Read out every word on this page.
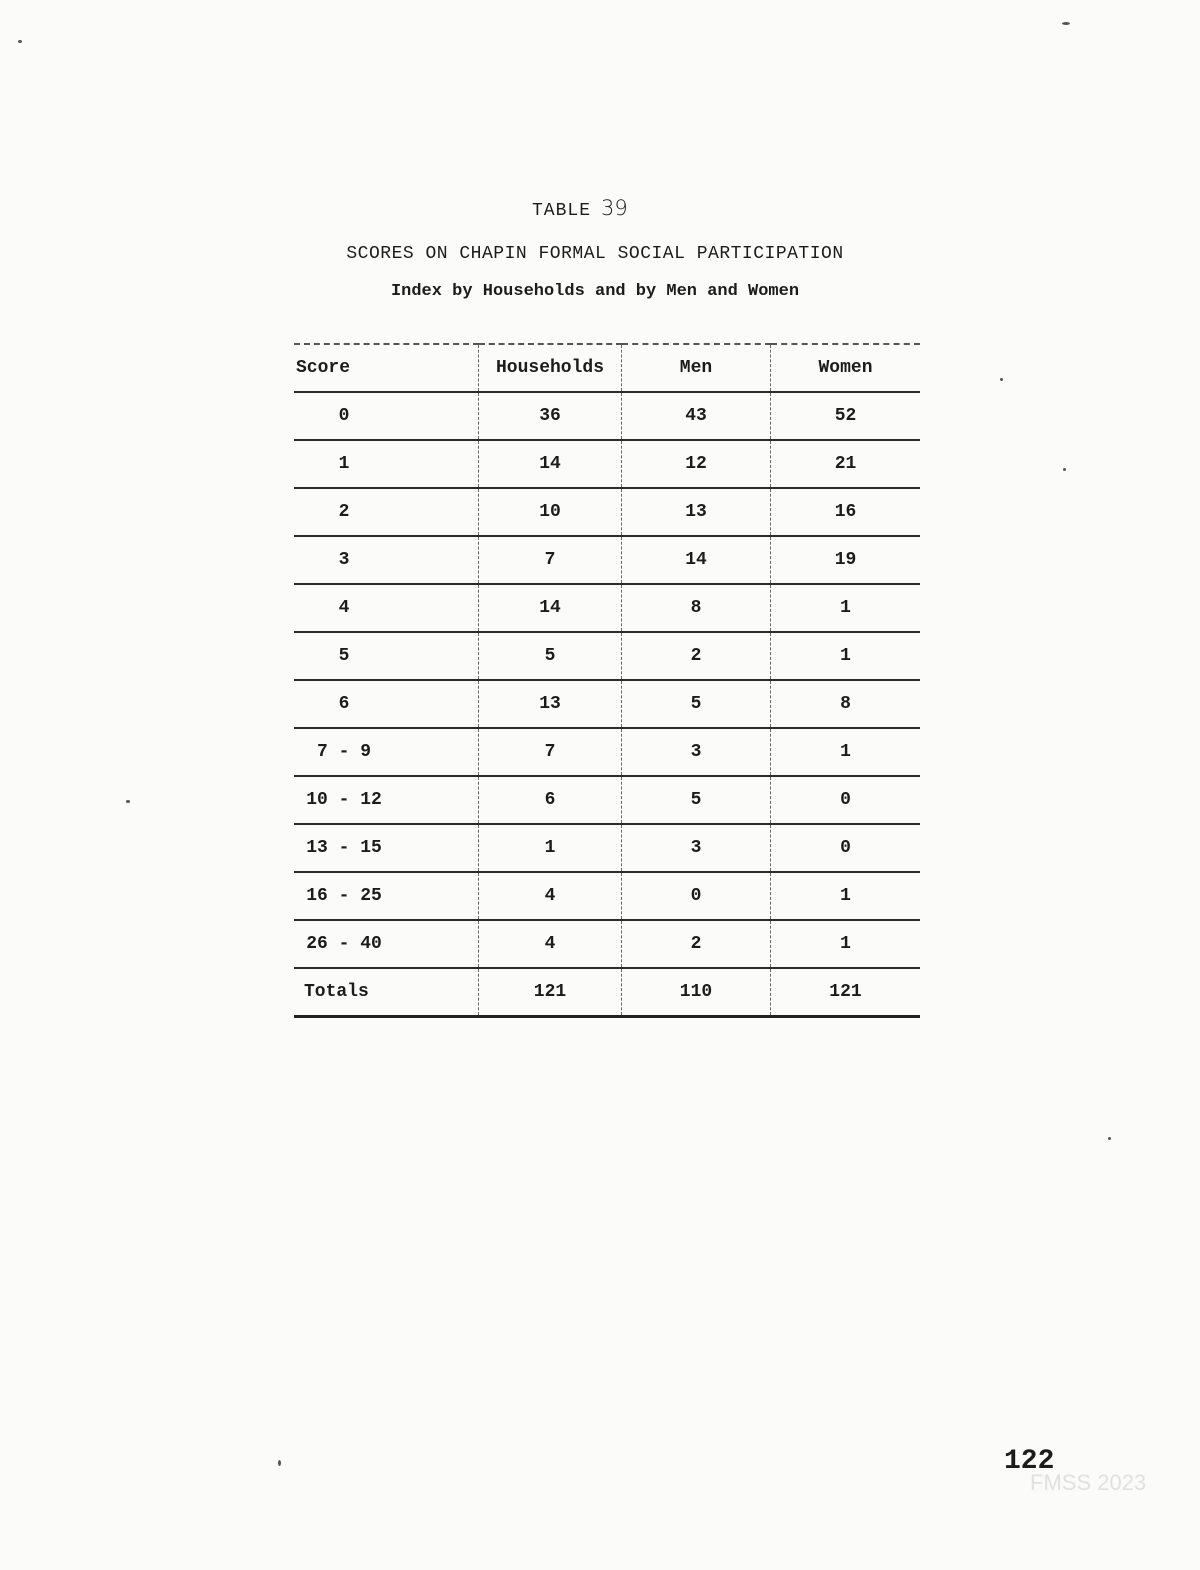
TABLE 39
SCORES ON CHAPIN FORMAL SOCIAL PARTICIPATION
Index by Households and by Men and Women
Score	Households	Men	Women
0	36	43	52
1	14	12	21
2	10	13	16
3	7	14	19
4	14	8	1
5	5	2	1
6	13	5	8
7 - 9	7	3	1
10 - 12	6	5	0
13 - 15	1	3	0
16 - 25	4	0	1
26 - 40	4	2	1
Totals	121	110	121
122
FMSS 2023
